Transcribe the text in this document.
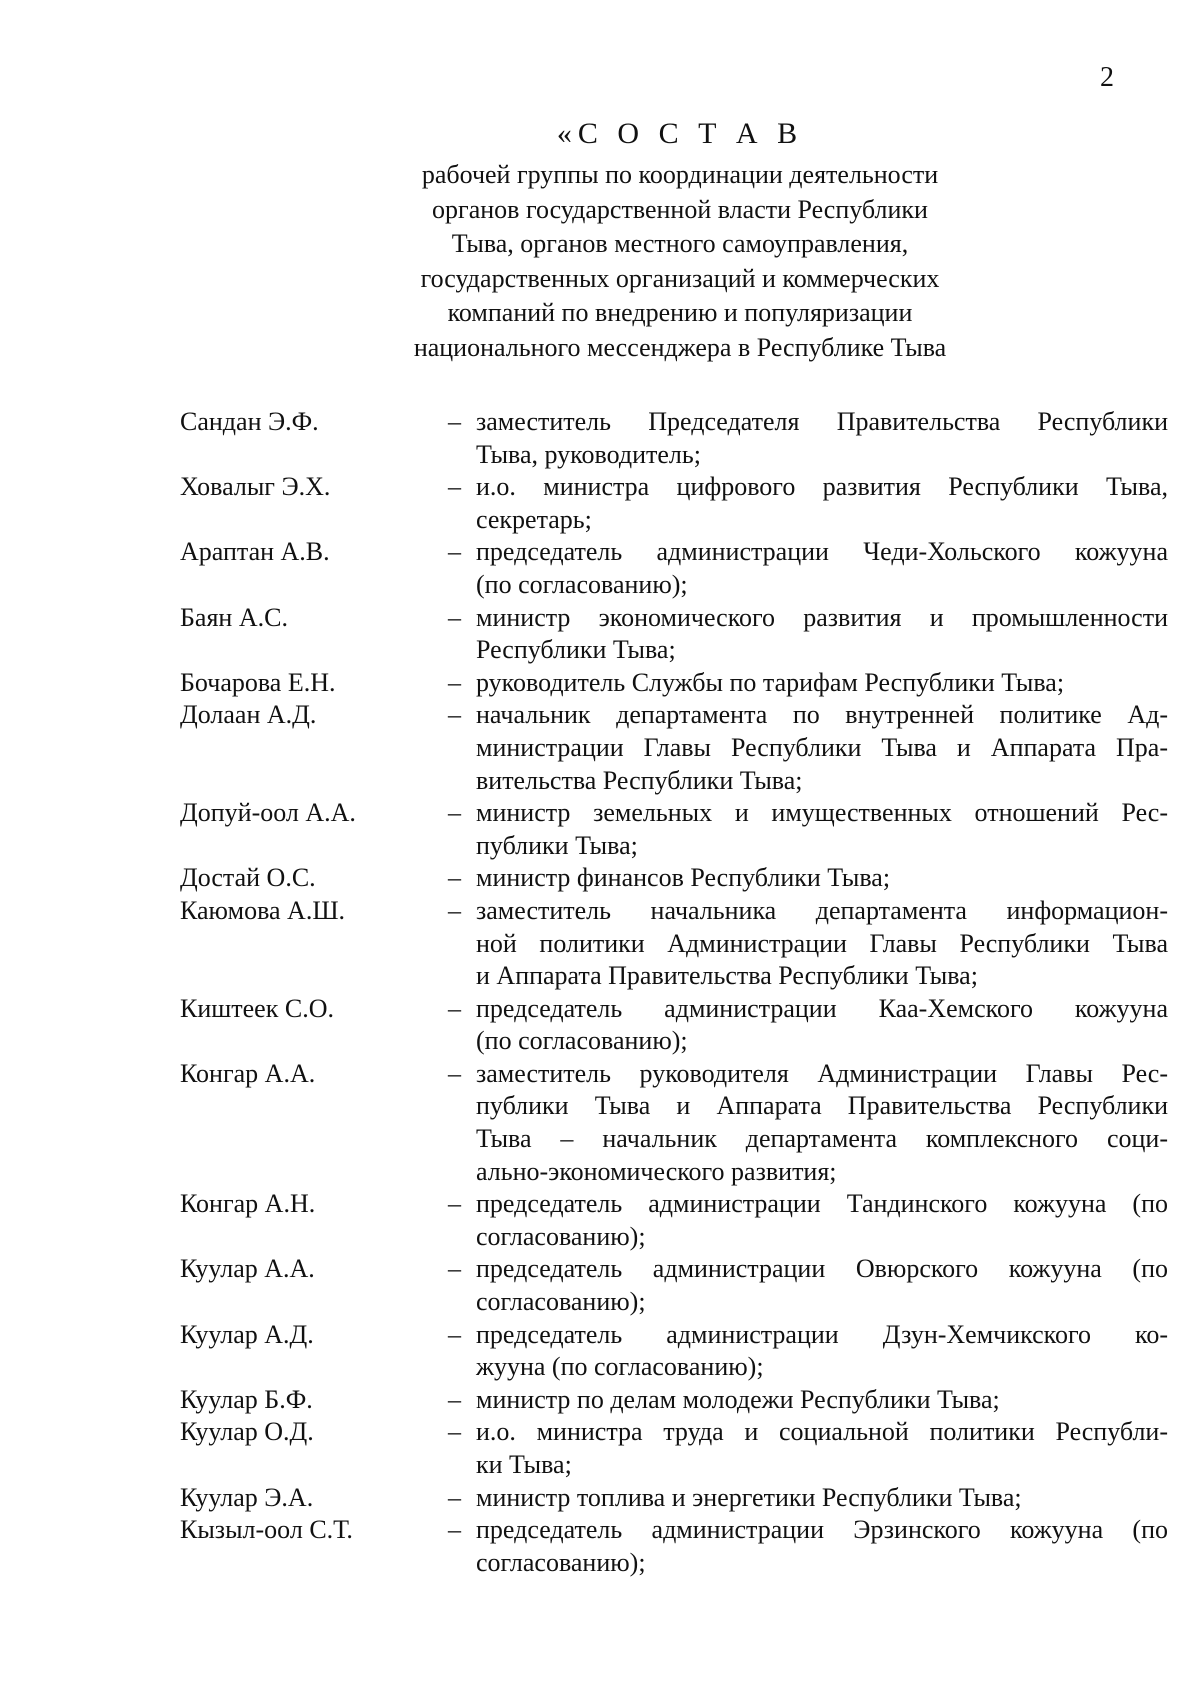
2
«С О С Т А В
рабочей группы по координации деятельности
органов государственной власти Республики
Тыва, органов местного самоуправления,
государственных организаций и коммерческих
компаний по внедрению и популяризации
национального мессенджера в Республике Тыва
Сандан Э.Ф.	– заместитель Председателя Правительства Республики
Тыва, руководитель;
Ховалыг Э.Х.	– и.о. министра цифрового развития Республики Тыва,
секретарь;
Араптан А.В.	– председатель администрации Чеди-Хольского кожууна
(по согласованию);
Баян А.С.	– министр экономического развития и промышленности
Республики Тыва;
Бочарова Е.Н.	– руководитель Службы по тарифам Республики Тыва;
Долаан А.Д.	– начальник департамента по внутренней политике Ад-
министрации Главы Республики Тыва и Аппарата Пра-
вительства Республики Тыва;
Допуй-оол А.А.	– министр земельных и имущественных отношений Рес-
публики Тыва;
Достай О.С.	– министр финансов Республики Тыва;
Каюмова А.Ш.	– заместитель начальника департамента информацион-
ной политики Администрации Главы Республики Тыва
и Аппарата Правительства Республики Тыва;
Киштеек С.О.	– председатель администрации Каа-Хемского кожууна
(по согласованию);
Конгар А.А.	– заместитель руководителя Администрации Главы Рес-
публики Тыва и Аппарата Правительства Республики
Тыва – начальник департамента комплексного соци-
ально-экономического развития;
Конгар А.Н.	– председатель администрации Тандинского кожууна (по
согласованию);
Куулар А.А.	– председатель администрации Овюрского кожууна (по
согласованию);
Куулар А.Д.	– председатель администрации Дзун-Хемчикского ко-
жууна (по согласованию);
Куулар Б.Ф.	– министр по делам молодежи Республики Тыва;
Куулар О.Д.	– и.о. министра труда и социальной политики Республи-
ки Тыва;
Куулар Э.А.	– министр топлива и энергетики Республики Тыва;
Кызыл-оол С.Т.	– председатель администрации Эрзинского кожууна (по
согласованию);
